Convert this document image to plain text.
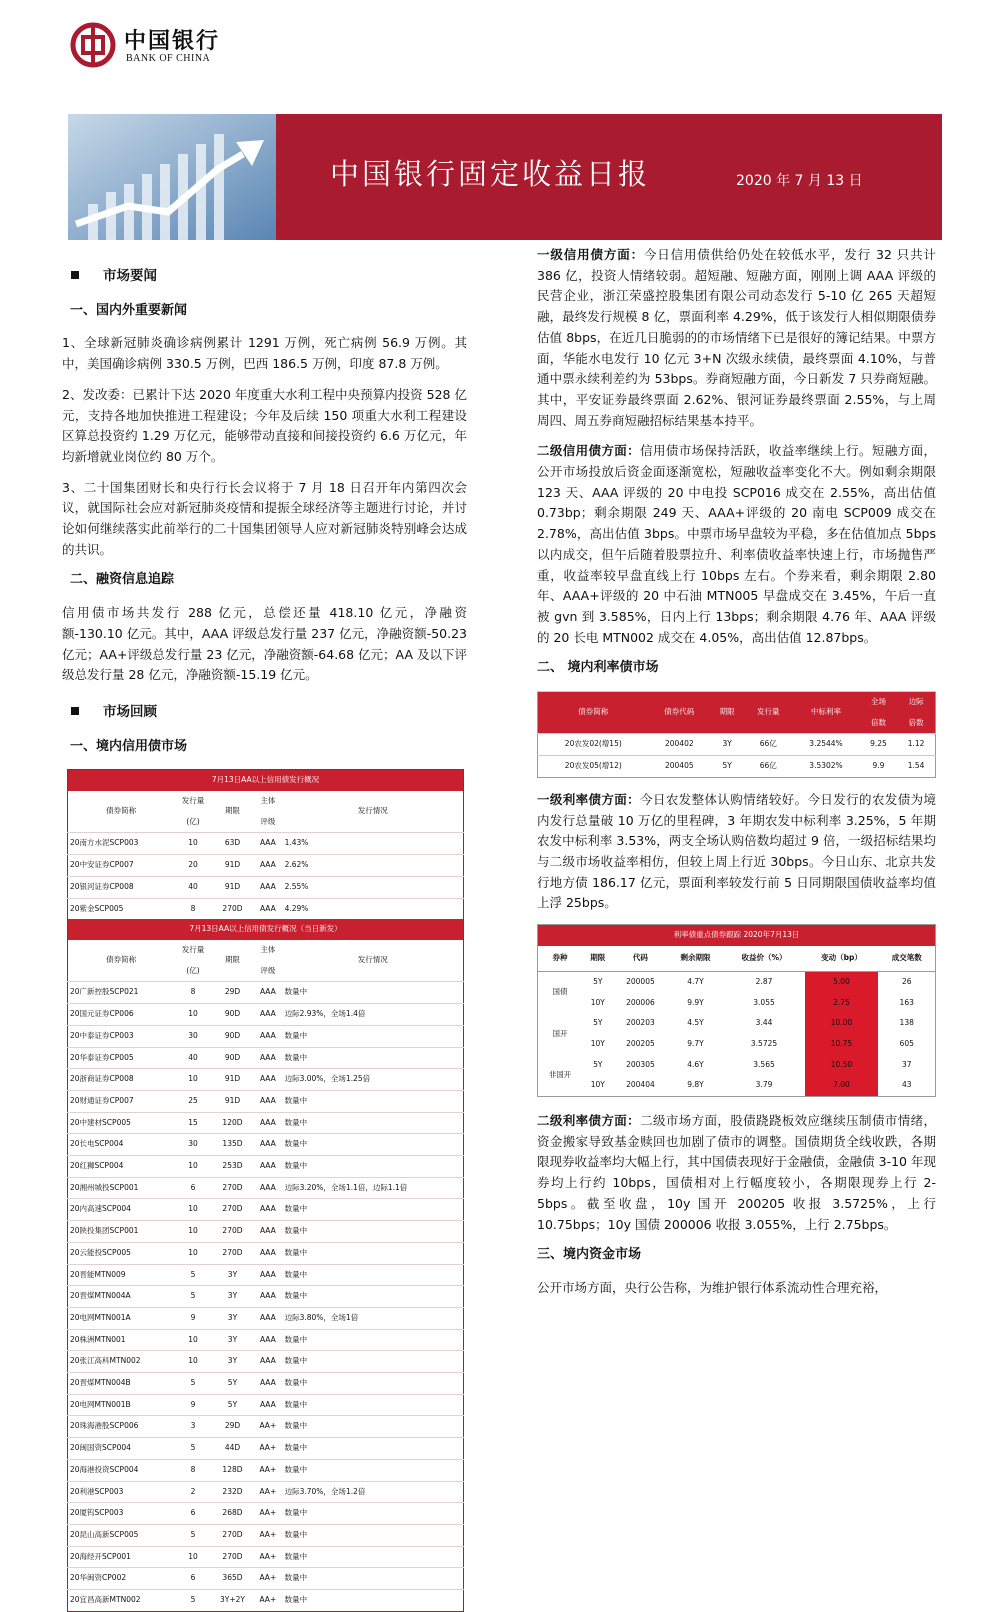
中国银行
BANK OF CHINA
中国银行固定收益日报	2020 年 7 月 13 日
市场要闻
一、国内外重要新闻

1、全球新冠肺炎确诊病例累计 1291 万例，死亡病例 56.9 万例。其中，美国确诊病例 330.5 万例，巴西 186.5 万例，印度 87.8 万例。

2、发改委：已累计下达 2020 年度重大水利工程中央预算内投资 528 亿元，支持各地加快推进工程建设；今年及后续 150 项重大水利工程建设区算总投资约 1.29 万亿元，能够带动直接和间接投资约 6.6 万亿元，年均新增就业岗位约 80 万个。

3、二十国集团财长和央行行长会议将于 7 月 18 日召开年内第四次会议，就国际社会应对新冠肺炎疫情和提振全球经济等主题进行讨论，并讨论如何继续落实此前举行的二十国集团领导人应对新冠肺炎特别峰会达成的共识。

二、融资信息追踪

信用债市场共发行 288 亿元，总偿还量 418.10 亿元，净融资额-130.10 亿元。其中，AAA 评级总发行量 237 亿元，净融资额-50.23 亿元；AA+评级总发行量 23 亿元，净融资额-64.68 亿元；AA 及以下评级总发行量 28 亿元，净融资额-15.19 亿元。

市场回顾
一、境内信用债市场
7月13日AA以上信用债发行概况				
债券简称	发行量
(亿)	期限	主体
评级	发行情况
20南方水泥SCP003	10	63D	AAA	1.43%
20中安证券CP007	20	91D	AAA	2.62%
20银河证券CP008	40	91D	AAA	2.55%
20紫金SCP005	8	270D	AAA	4.29%
7月13日AA以上信用债发行概况（当日新发）				
债券简称	发行量
(亿)	期限	主体
评级	发行情况
20广新控股SCP021	8	29D	AAA	数量中
20国元证券CP006	10	90D	AAA	边际2.93%，全场1.4倍
20中泰证券CP003	30	90D	AAA	数量中
20华泰证券CP005	40	90D	AAA	数量中
20浙商证券CP008	10	91D	AAA	边际3.00%，全场1.25倍
20财通证券CP007	25	91D	AAA	数量中
20中建材SCP005	15	120D	AAA	数量中
20长电SCP004	30	135D	AAA	数量中
20红狮SCP004	10	253D	AAA	数量中
20湘州城投SCP001	6	270D	AAA	边际3.20%，全场1.1倍，边际1.1倍
20内高速SCP004	10	270D	AAA	数量中
20陕投集团SCP001	10	270D	AAA	数量中
20云能投SCP005	10	270D	AAA	数量中
20晋能MTN009	5	3Y	AAA	数量中
20晋煤MTN004A	5	3Y	AAA	数量中
20电网MTN001A	9	3Y	AAA	边际3.80%，全场1倍
20株洲MTN001	10	3Y	AAA	数量中
20张江高科MTN002	10	3Y	AAA	数量中
20晋煤MTN004B	5	5Y	AAA	数量中
20电网MTN001B	9	5Y	AAA	数量中
20珠海港股SCP006	3	29D	AA+	数量中
20闽国资SCP004	5	44D	AA+	数量中
20海港投资SCP004	8	128D	AA+	数量中
20利港SCP003	2	232D	AA+	边际3.70%，全场1.2倍
20厦钨SCP003	6	268D	AA+	数量中
20昆山高新SCP005	5	270D	AA+	数量中
20海经开SCP001	10	270D	AA+	数量中
20华闽资CP002	6	365D	AA+	数量中
20宜昌高新MTN002	5	3Y+2Y	AA+	数量中

一级信用债方面：今日信用债供给仍处在较低水平，发行 32 只共计 386 亿，投资人情绪较弱。超短融、短融方面，刚刚上调 AAA 评级的民营企业，浙江荣盛控股集团有限公司动态发行 5-10 亿 265 天超短融，最终发行规模 8 亿，票面利率 4.29%，低于该发行人相似期限债券估值 8bps，在近几日脆弱的的市场情绪下已是很好的簿记结果。中票方面，华能水电发行 10 亿元 3+N 次级永续债，最终票面 4.10%，与普通中票永续利差约为 53bps。券商短融方面，今日新发 7 只券商短融。其中，平安证券最终票面 2.62%、银河证券最终票面 2.55%，与上周周四、周五券商短融招标结果基本持平。

二级信用债方面：信用债市场保持活跃，收益率继续上行。短融方面，公开市场投放后资金面逐渐宽松，短融收益率变化不大。例如剩余期限 123 天、AAA 评级的 20 中电投 SCP016 成交在 2.55%，高出估值 0.73bp；剩余期限 249 天、AAA+评级的 20 南电 SCP009 成交在 2.78%，高出估值 3bps。中票市场早盘较为平稳，多在估值加点 5bps 以内成交，但午后随着股票拉升、利率债收益率快速上行，市场抛售严重，收益率较早盘直线上行 10bps 左右。个券来看，剩余期限 2.80 年、AAA+评级的 20 中石油 MTN005 早盘成交在 3.45%，午后一直被 gvn 到 3.585%，日内上行 13bps；剩余期限 4.76 年、AAA 评级的 20 长电 MTN002 成交在 4.05%，高出估值 12.87bps。

二、 境内利率债市场
债券简称	债券代码	期限	发行量	中标利率	全场
倍数	边际
倍数
20农发02(增15)	200402	3Y	66亿	3.2544%	9.25	1.12
20农发05(增12)	200405	5Y	66亿	3.5302%	9.9	1.54

一级利率债方面：今日农发整体认购情绪较好。今日发行的农发债为境内发行总量破 10 万亿的里程碑，3 年期农发中标利率 3.25%，5 年期农发中标利率 3.53%，两支全场认购倍数均超过 9 倍，一级招标结果均与二级市场收益率相仿，但较上周上行近 30bps。今日山东、北京共发行地方债 186.17 亿元，票面利率较发行前 5 日同期限国债收益率均值上浮 25bps。

利率债重点债券跟踪 2020年7月13日						
券种	期限	代码	剩余期限	收益价（%）	变动（bp）	成交笔数
国债	5Y	200005	4.7Y	2.87	5.00	26
	10Y	200006	9.9Y	3.055	2.75	163
国开	5Y	200203	4.5Y	3.44	10.00	138
	10Y	200205	9.7Y	3.5725	10.75	605
非国开	5Y	200305	4.6Y	3.565	10.50	37
	10Y	200404	9.8Y	3.79	7.00	43

二级利率债方面：二级市场方面，股债跷跷板效应继续压制债市情绪，资金搬家导致基金赎回也加剧了债市的调整。国债期货全线收跌，各期限现券收益率均大幅上行，其中国债表现好于金融债，金融债 3-10 年现券均上行约 10bps，国债相对上行幅度较小，各期限现券上行 2-5bps。截至收盘，10y 国开 200205 收报 3.5725%，上行 10.75bps；10y 国债 200006 收报 3.055%，上行 2.75bps。

三、境内资金市场

公开市场方面，央行公告称，为维护银行体系流动性合理充裕，
